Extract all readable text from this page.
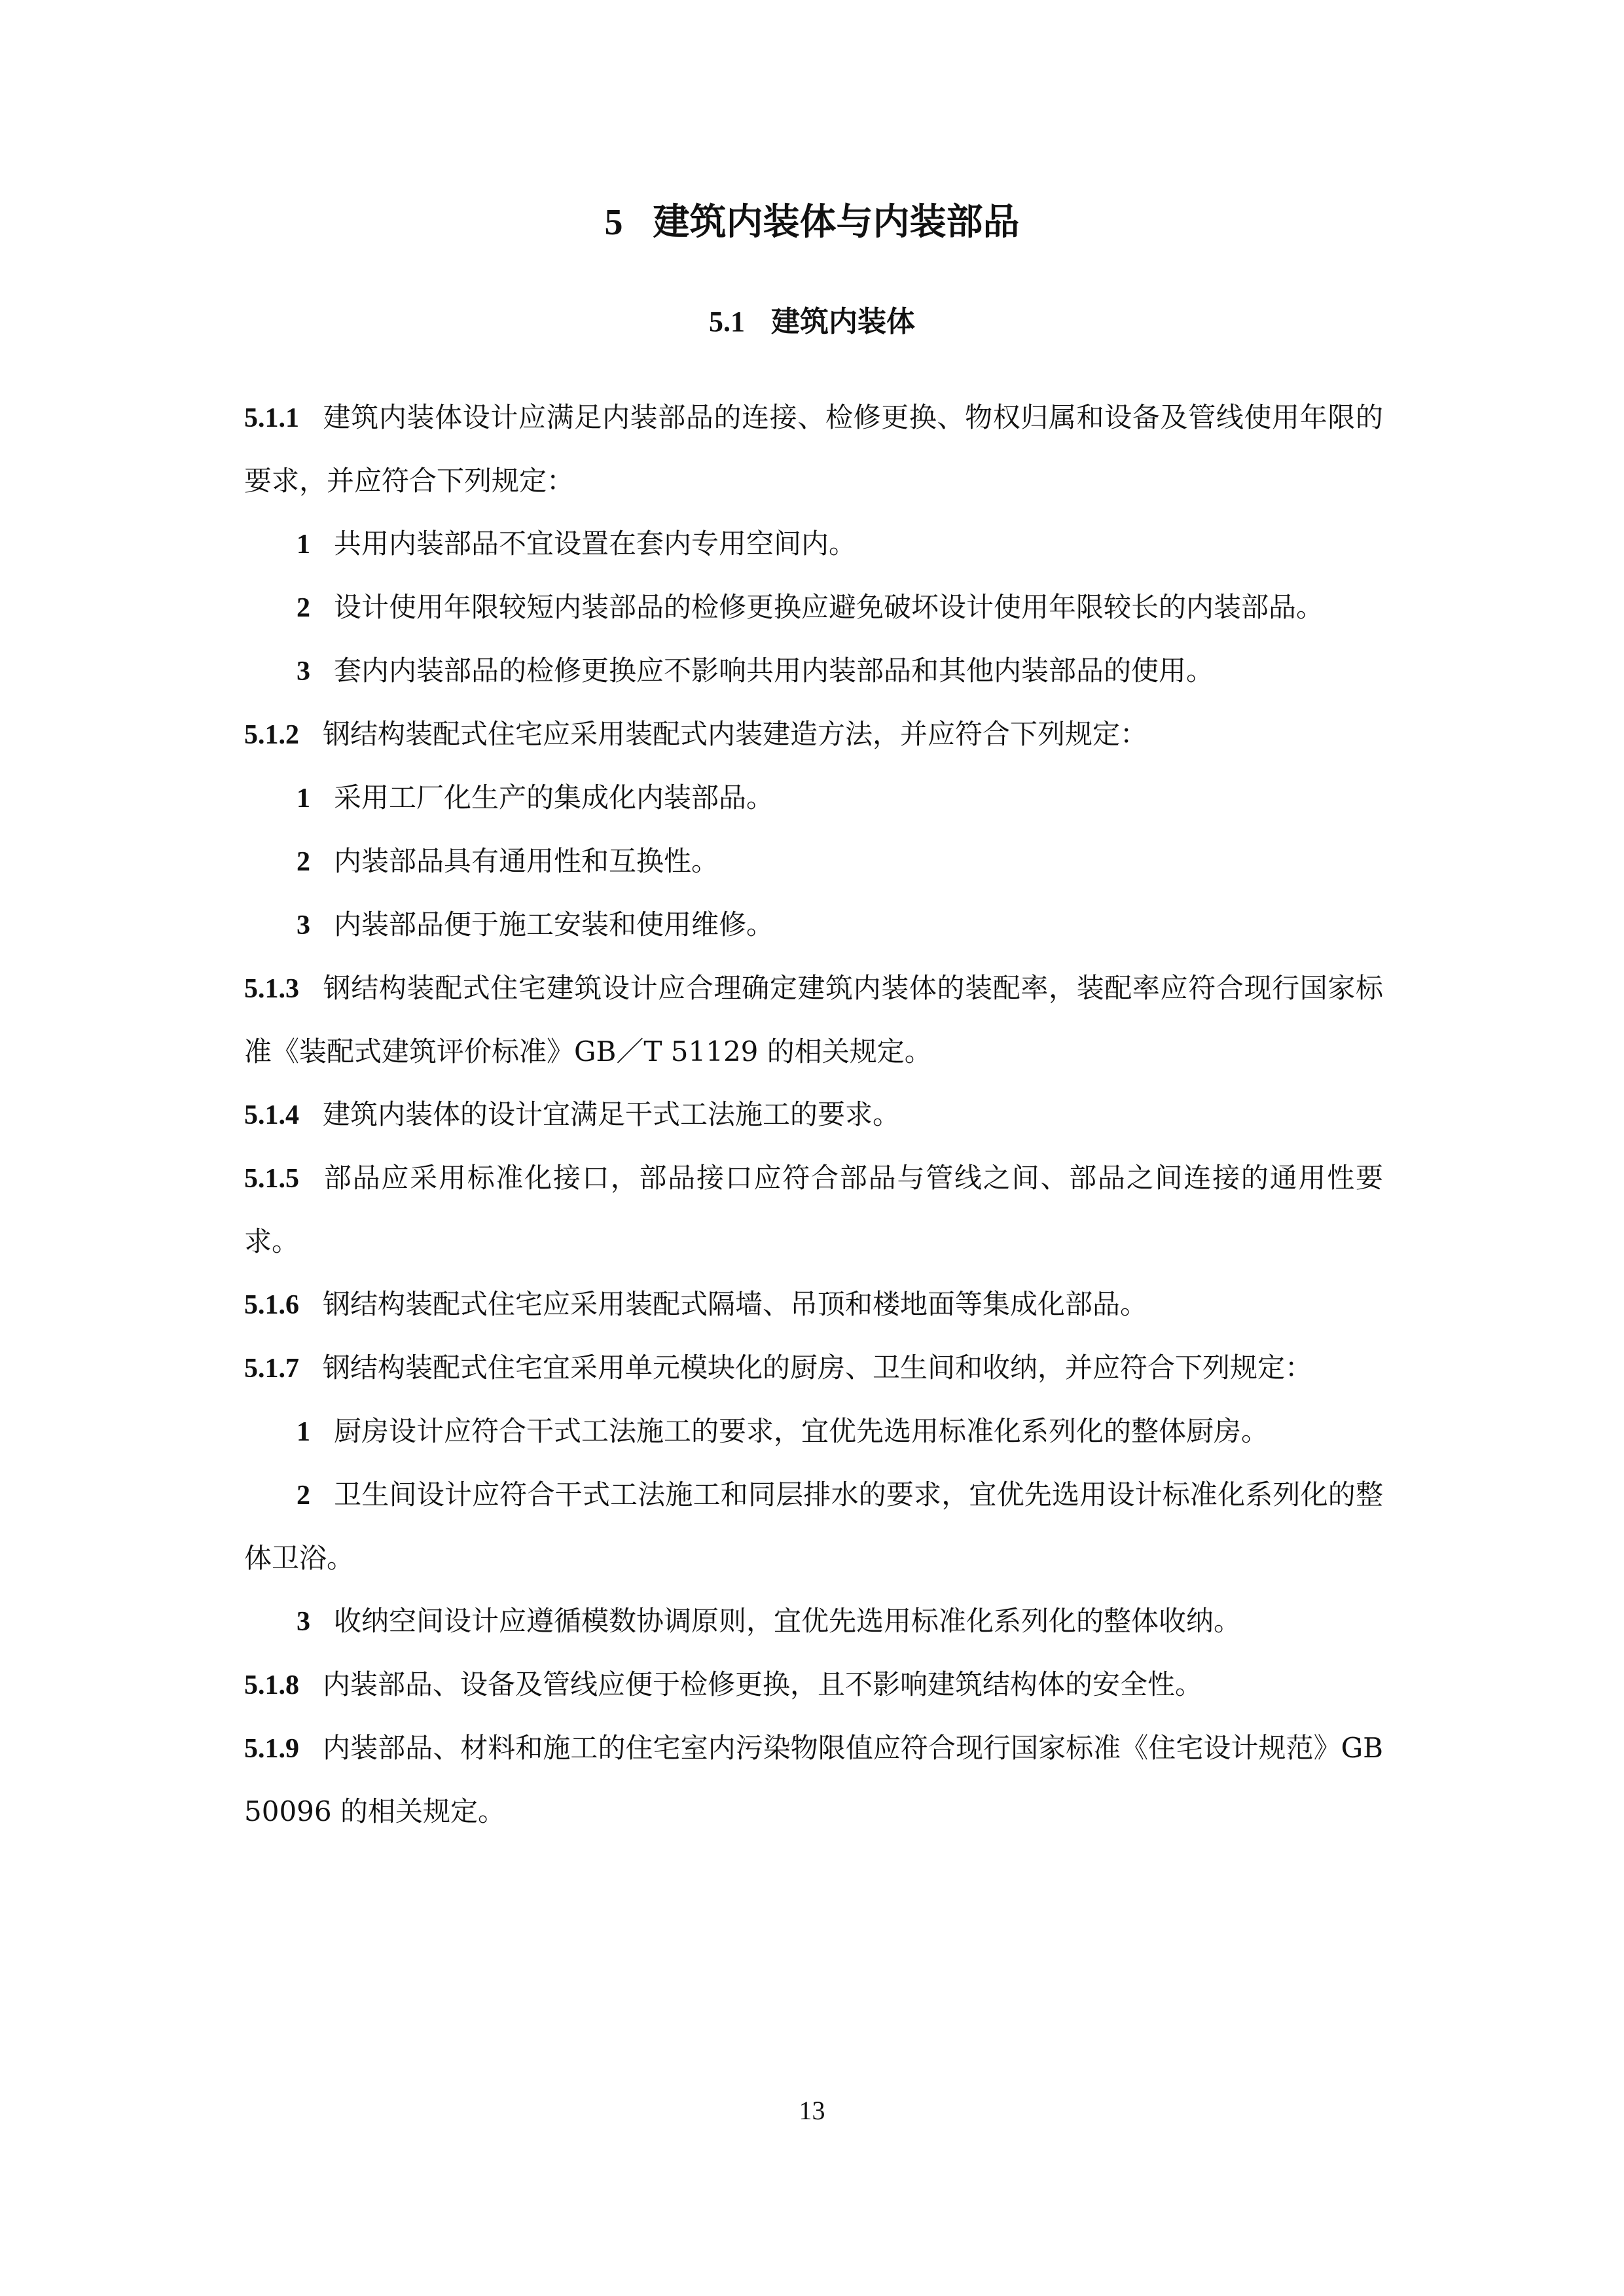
5 建筑内装体与内装部品
5.1 建筑内装体

5.1.1 建筑内装体设计应满足内装部品的连接、检修更换、物权归属和设备及管线使用年限的要求，并应符合下列规定：

1 共用内装部品不宜设置在套内专用空间内。

2 设计使用年限较短内装部品的检修更换应避免破坏设计使用年限较长的内装部品。

3 套内内装部品的检修更换应不影响共用内装部品和其他内装部品的使用。

5.1.2 钢结构装配式住宅应采用装配式内装建造方法，并应符合下列规定：

1 采用工厂化生产的集成化内装部品。

2 内装部品具有通用性和互换性。

3 内装部品便于施工安装和使用维修。

5.1.3 钢结构装配式住宅建筑设计应合理确定建筑内装体的装配率，装配率应符合现行国家标准《装配式建筑评价标准》GB／T 51129 的相关规定。

5.1.4 建筑内装体的设计宜满足干式工法施工的要求。

5.1.5 部品应采用标准化接口，部品接口应符合部品与管线之间、部品之间连接的通用性要求。

5.1.6 钢结构装配式住宅应采用装配式隔墙、吊顶和楼地面等集成化部品。

5.1.7 钢结构装配式住宅宜采用单元模块化的厨房、卫生间和收纳，并应符合下列规定：

1 厨房设计应符合干式工法施工的要求，宜优先选用标准化系列化的整体厨房。

2 卫生间设计应符合干式工法施工和同层排水的要求，宜优先选用设计标准化系列化的整体卫浴。

3 收纳空间设计应遵循模数协调原则，宜优先选用标准化系列化的整体收纳。

5.1.8 内装部品、设备及管线应便于检修更换，且不影响建筑结构体的安全性。

5.1.9 内装部品、材料和施工的住宅室内污染物限值应符合现行国家标准《住宅设计规范》GB 50096 的相关规定。

13
